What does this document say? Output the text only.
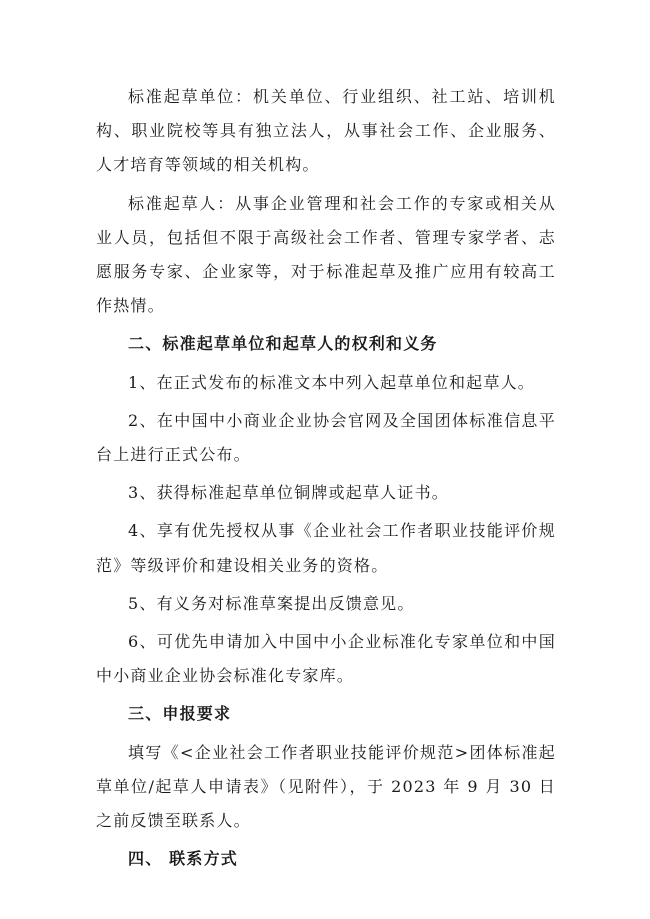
标准起草单位：机关单位、行业组织、社工站、培训机构、职业院校等具有独立法人，从事社会工作、企业服务、人才培育等领域的相关机构。

标准起草人：从事企业管理和社会工作的专家或相关从业人员，包括但不限于高级社会工作者、管理专家学者、志愿服务专家、企业家等，对于标准起草及推广应用有较高工作热情。

二、标准起草单位和起草人的权利和义务

1、在正式发布的标准文本中列入起草单位和起草人。

2、在中国中小商业企业协会官网及全国团体标准信息平台上进行正式公布。

3、获得标准起草单位铜牌或起草人证书。

4、享有优先授权从事《企业社会工作者职业技能评价规范》等级评价和建设相关业务的资格。

5、有义务对标准草案提出反馈意见。

6、可优先申请加入中国中小企业标准化专家单位和中国中小商业企业协会标准化专家库。

三、申报要求

填写《<企业社会工作者职业技能评价规范>团体标准起草单位/起草人申请表》（见附件），于 2023 年 9 月 30 日之前反馈至联系人。

四、 联系方式
